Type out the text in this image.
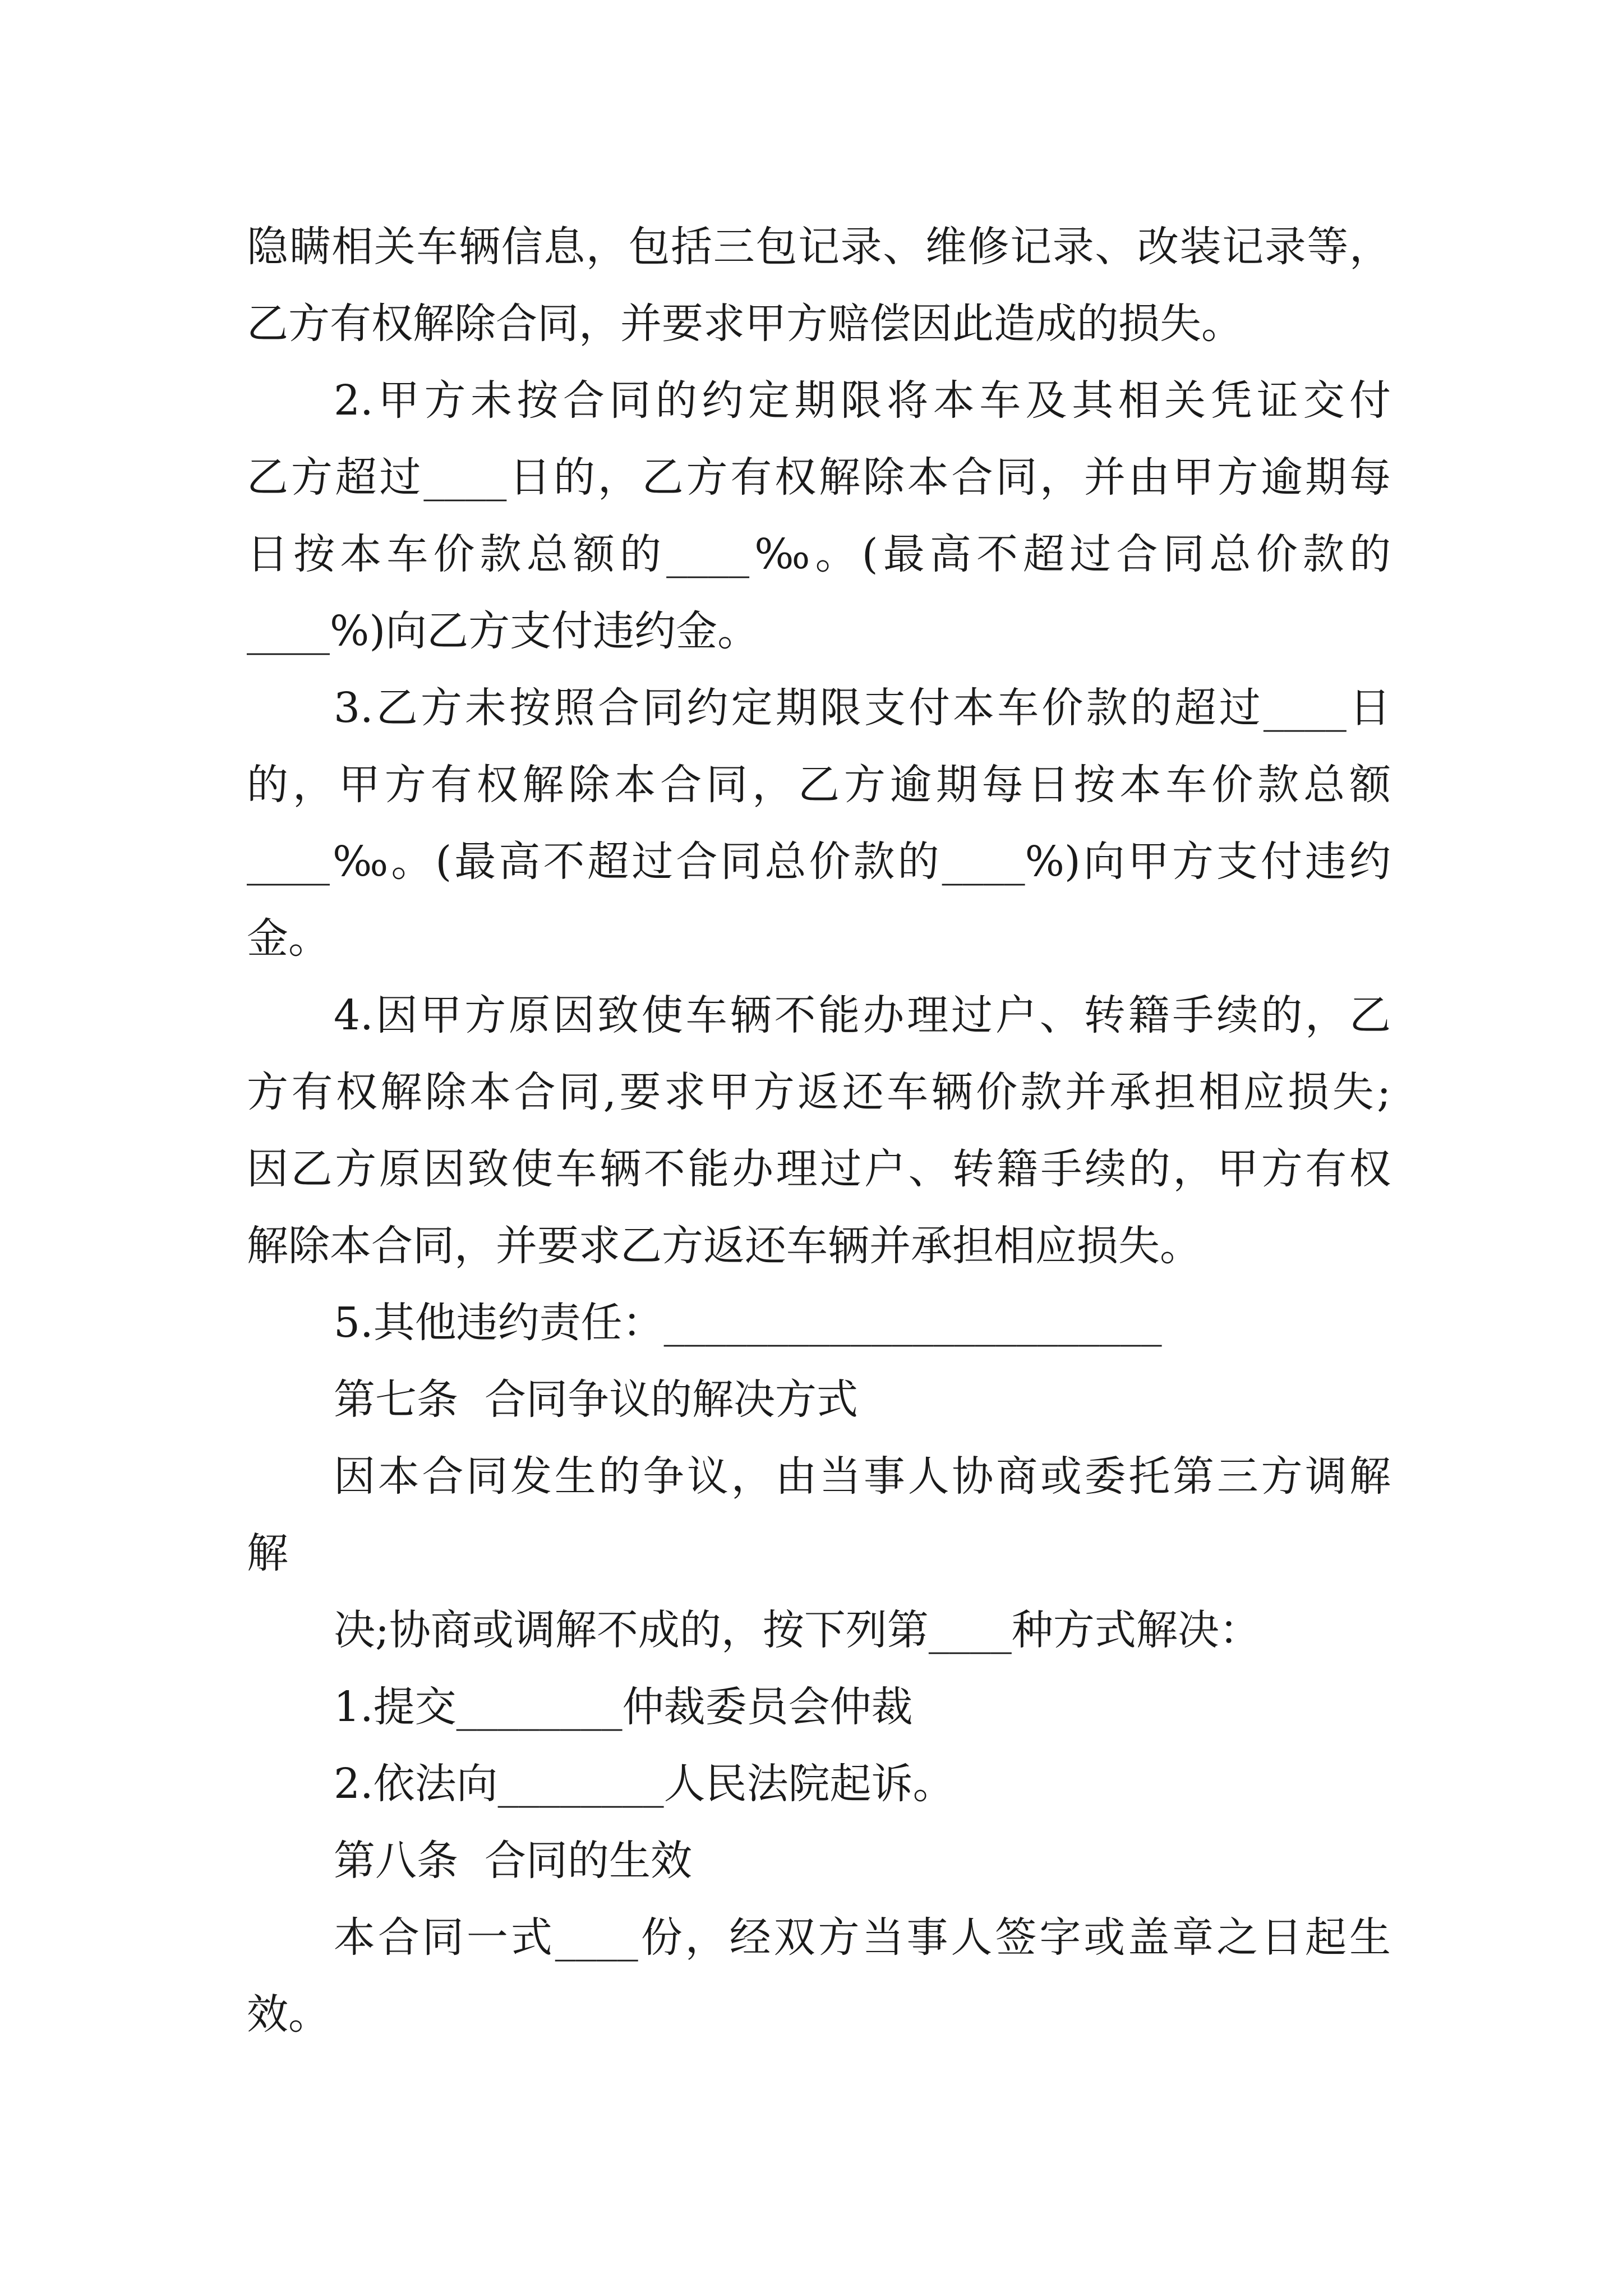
隐瞒相关车辆信息，包括三包记录、维修记录、改装记录等，
乙方有权解除合同，并要求甲方赔偿因此造成的损失。
2.甲方未按合同的约定期限将本车及其相关凭证交付
乙方超过____日的，乙方有权解除本合同，并由甲方逾期每
日按本车价款总额的____‰。(最高不超过合同总价款的
____%)向乙方支付违约金。
3.乙方未按照合同约定期限支付本车价款的超过____日
的，甲方有权解除本合同，乙方逾期每日按本车价款总额
____‰。(最高不超过合同总价款的____%)向甲方支付违约
金。
4.因甲方原因致使车辆不能办理过户、转籍手续的，乙
方有权解除本合同,要求甲方返还车辆价款并承担相应损失;
因乙方原因致使车辆不能办理过户、转籍手续的，甲方有权
解除本合同，并要求乙方返还车辆并承担相应损失。
5.其他违约责任：________________________
第七条  合同争议的解决方式
因本合同发生的争议，由当事人协商或委托第三方调解
解
决;协商或调解不成的，按下列第____种方式解决：
1.提交________仲裁委员会仲裁
2.依法向________人民法院起诉。
第八条  合同的生效
本合同一式____份，经双方当事人签字或盖章之日起生
效。
